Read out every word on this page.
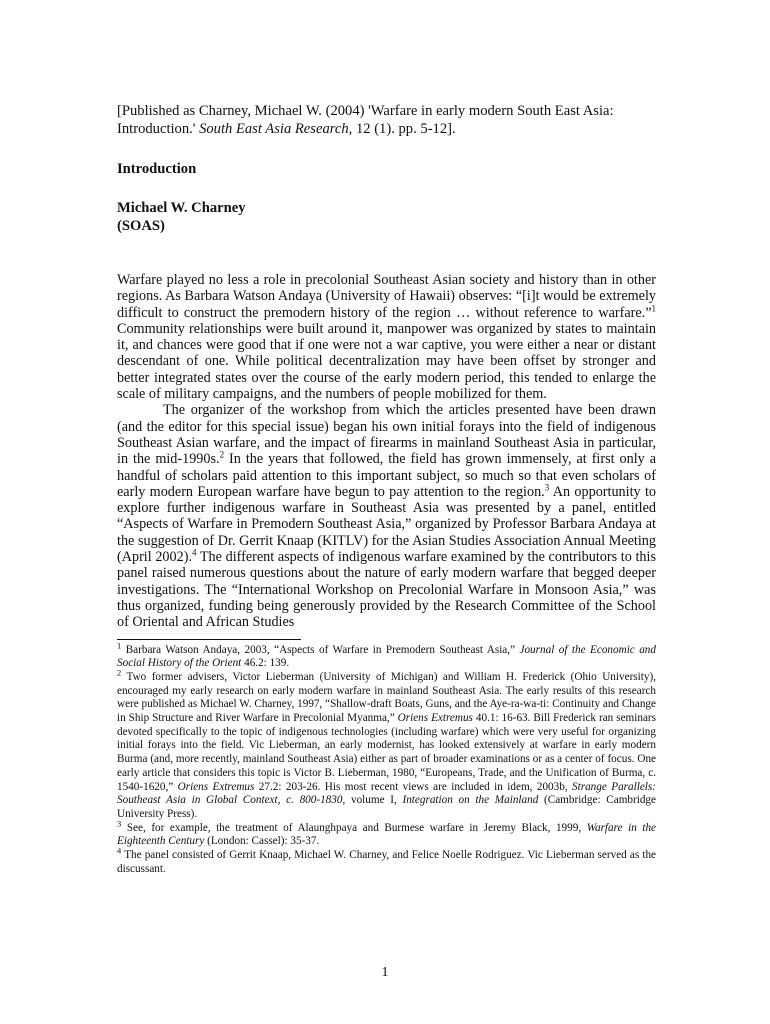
[Published as Charney, Michael W. (2004) 'Warfare in early modern South East Asia: Introduction.' South East Asia Research, 12 (1). pp. 5-12].

Introduction
Michael W. Charney
(SOAS)

Warfare played no less a role in precolonial Southeast Asian society and history than in other regions. As Barbara Watson Andaya (University of Hawaii) observes: “[i]t would be extremely difficult to construct the premodern history of the region … without reference to warfare.”$^1$ Community relationships were built around it, manpower was organized by states to maintain it, and chances were good that if one were not a war captive, you were either a near or distant descendant of one. While political decentralization may have been offset by stronger and better integrated states over the course of the early modern period, this tended to enlarge the scale of military campaigns, and the numbers of people mobilized for them.

The organizer of the workshop from which the articles presented have been drawn (and the editor for this special issue) began his own initial forays into the field of indigenous Southeast Asian warfare, and the impact of firearms in mainland Southeast Asia in particular, in the mid-1990s.$^2$ In the years that followed, the field has grown immensely, at first only a handful of scholars paid attention to this important subject, so much so that even scholars of early modern European warfare have begun to pay attention to the region.$^3$ An opportunity to explore further indigenous warfare in Southeast Asia was presented by a panel, entitled “Aspects of Warfare in Premodern Southeast Asia,” organized by Professor Barbara Andaya at the suggestion of Dr. Gerrit Knaap (KITLV) for the Asian Studies Association Annual Meeting (April 2002).$^4$ The different aspects of indigenous warfare examined by the contributors to this panel raised numerous questions about the nature of early modern warfare that begged deeper investigations. The “International Workshop on Precolonial Warfare in Monsoon Asia,” was thus organized, funding being generously provided by the Research Committee of the School of Oriental and African Studies

$^1$ Barbara Watson Andaya, 2003, “Aspects of Warfare in Premodern Southeast Asia,” Journal of the Economic and Social History of the Orient 46.2: 139.

$^2$ Two former advisers, Victor Lieberman (University of Michigan) and William H. Frederick (Ohio University), encouraged my early research on early modern warfare in mainland Southeast Asia. The early results of this research were published as Michael W. Charney, 1997, “Shallow-draft Boats, Guns, and the Aye-ra-wa-ti: Continuity and Change in Ship Structure and River Warfare in Precolonial Myanma,” Oriens Extremus 40.1: 16-63. Bill Frederick ran seminars devoted specifically to the topic of indigenous technologies (including warfare) which were very useful for organizing initial forays into the field. Vic Lieberman, an early modernist, has looked extensively at warfare in early modern Burma (and, more recently, mainland Southeast Asia) either as part of broader examinations or as a center of focus. One early article that considers this topic is Victor B. Lieberman, 1980, “Europeans, Trade, and the Unification of Burma, c. 1540-1620,” Oriens Extremus 27.2: 203-26. His most recent views are included in idem, 2003b, Strange Parallels: Southeast Asia in Global Context, c. 800-1830, volume I, Integration on the Mainland (Cambridge: Cambridge University Press).

$^3$ See, for example, the treatment of Alaunghpaya and Burmese warfare in Jeremy Black, 1999, Warfare in the Eighteenth Century (London: Cassel): 35-37.

$^4$ The panel consisted of Gerrit Knaap, Michael W. Charney, and Felice Noelle Rodriguez. Vic Lieberman served as the discussant.

1
